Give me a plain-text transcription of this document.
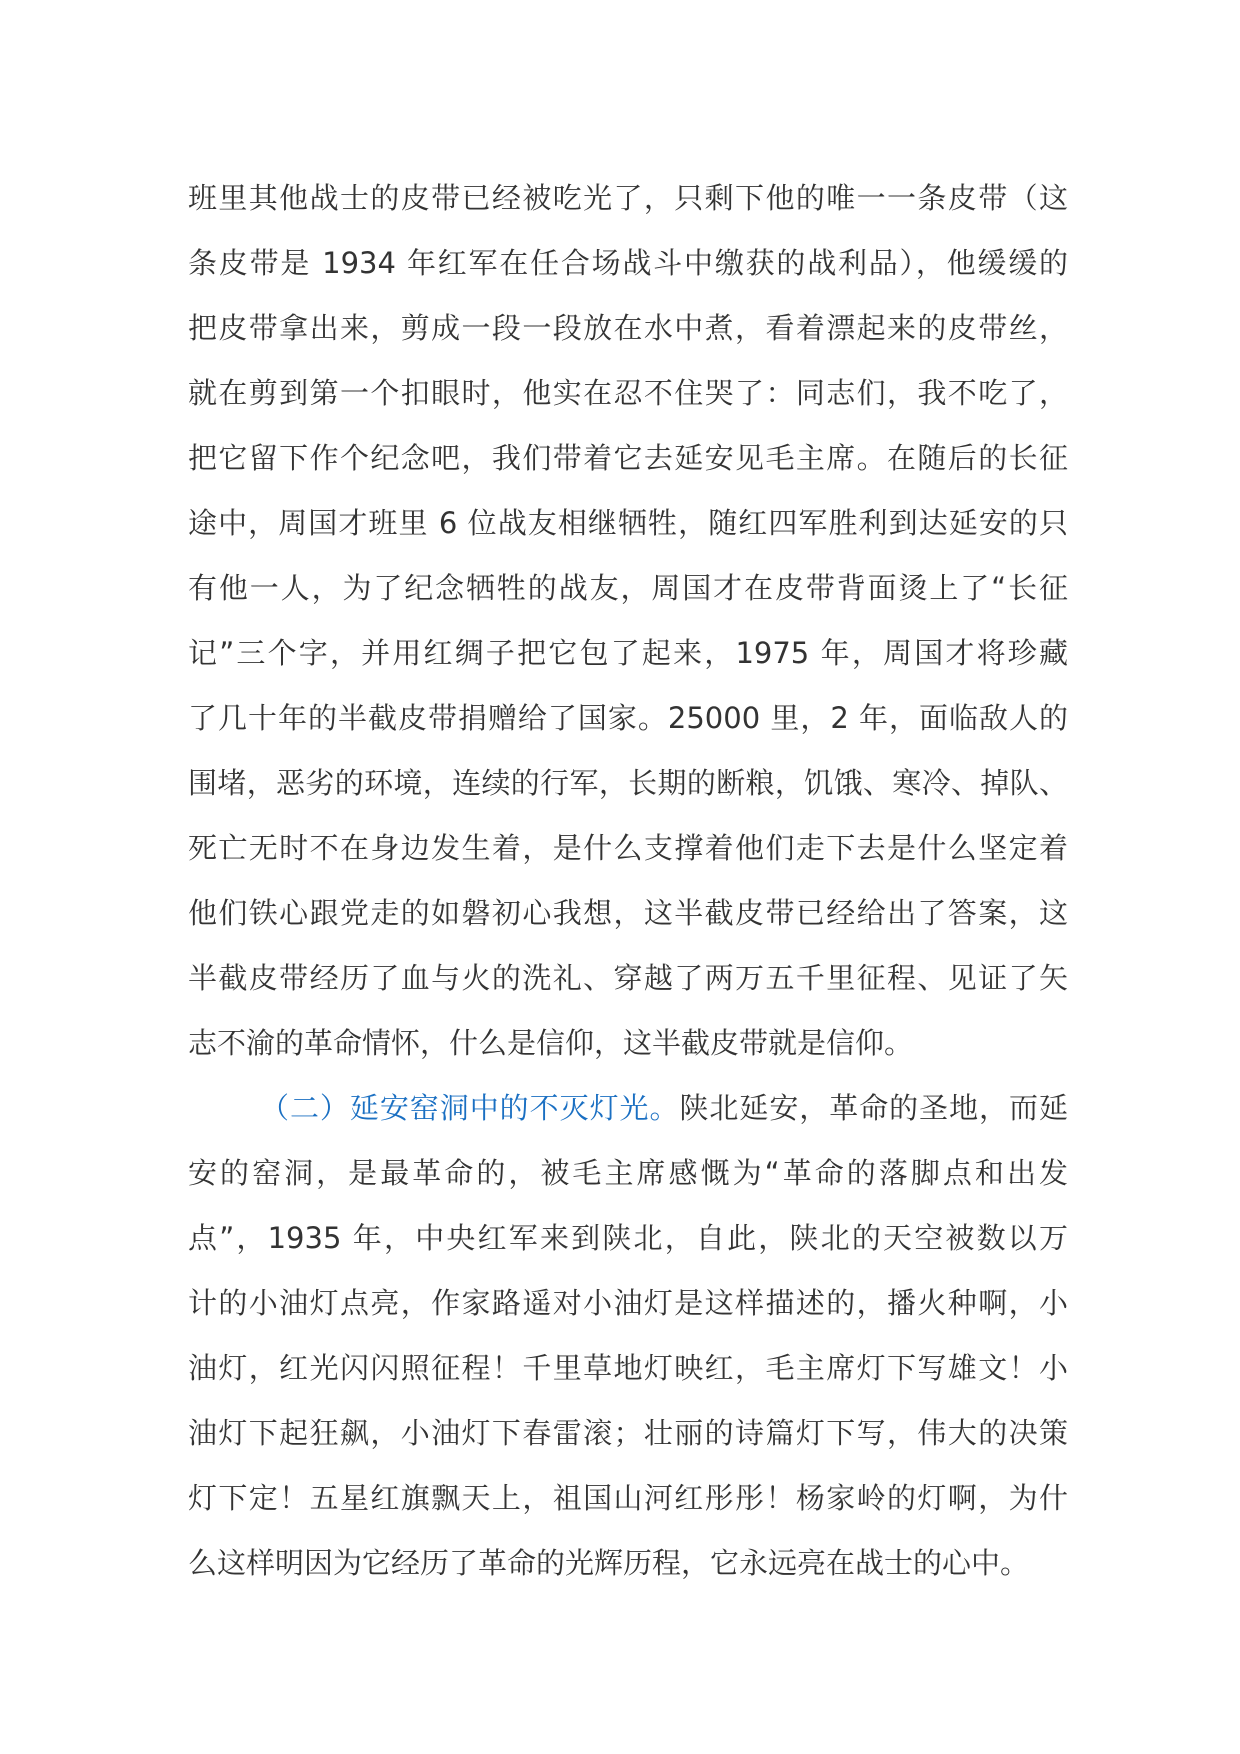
班里其他战士的皮带已经被吃光了，只剩下他的唯一一条皮带（这
条皮带是 1934 年红军在任合场战斗中缴获的战利品），他缓缓的
把皮带拿出来，剪成一段一段放在水中煮，看着漂起来的皮带丝，
就在剪到第一个扣眼时，他实在忍不住哭了：同志们，我不吃了，
把它留下作个纪念吧，我们带着它去延安见毛主席。在随后的长征
途中，周国才班里 6 位战友相继牺牲，随红四军胜利到达延安的只
有他一人，为了纪念牺牲的战友，周国才在皮带背面烫上了“长征
记”三个字，并用红绸子把它包了起来，1975 年，周国才将珍藏
了几十年的半截皮带捐赠给了国家。25000 里，2 年，面临敌人的
围堵，恶劣的环境，连续的行军，长期的断粮，饥饿、寒冷、掉队、
死亡无时不在身边发生着，是什么支撑着他们走下去是什么坚定着
他们铁心跟党走的如磐初心我想，这半截皮带已经给出了答案，这
半截皮带经历了血与火的洗礼、穿越了两万五千里征程、见证了矢
志不渝的革命情怀，什么是信仰，这半截皮带就是信仰。
（二）延安窑洞中的不灭灯光。陕北延安，革命的圣地，而延
安的窑洞，是最革命的，被毛主席感慨为“革命的落脚点和出发
点”，1935 年，中央红军来到陕北，自此，陕北的天空被数以万
计的小油灯点亮，作家路遥对小油灯是这样描述的，播火种啊，小
油灯，红光闪闪照征程！千里草地灯映红，毛主席灯下写雄文！小
油灯下起狂飙，小油灯下春雷滚；壮丽的诗篇灯下写，伟大的决策
灯下定！五星红旗飘天上，祖国山河红彤彤！杨家岭的灯啊，为什
么这样明因为它经历了革命的光辉历程，它永远亮在战士的心中。
